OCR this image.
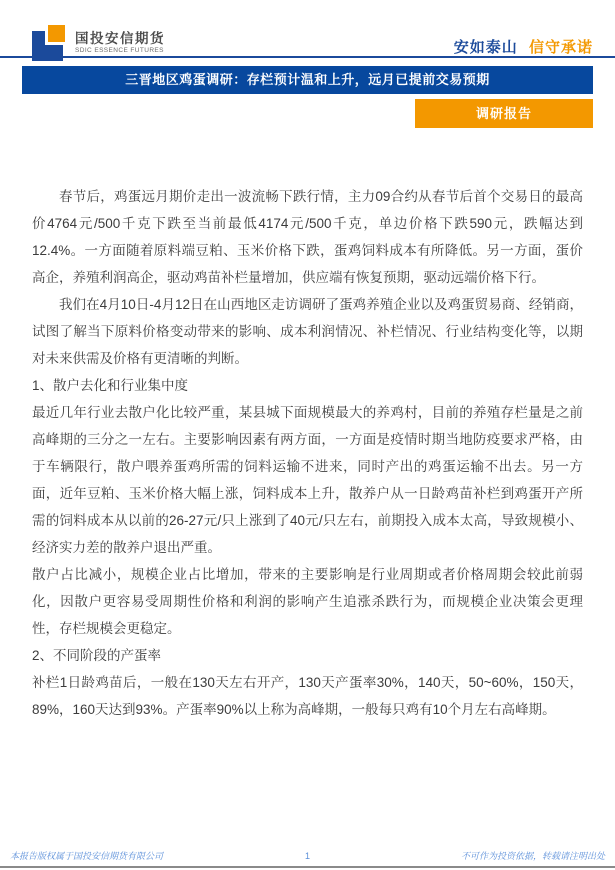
国投安信期货
SDIC ESSENCE FUTURES	安如泰山 信守承诺
三晋地区鸡蛋调研：存栏预计温和上升，远月已提前交易预期
调研报告

春节后，鸡蛋远月期价走出一波流畅下跌行情，主力09合约从春节后首个交易日的最高价4764元/500千克下跌至当前最低4174元/500千克，单边价格下跌590元，跌幅达到12.4%。一方面随着原料端豆粕、玉米价格下跌，蛋鸡饲料成本有所降低。另一方面，蛋价高企，养殖利润高企，驱动鸡苗补栏量增加，供应端有恢复预期，驱动远端价格下行。

我们在4月10日-4月12日在山西地区走访调研了蛋鸡养殖企业以及鸡蛋贸易商、经销商，试图了解当下原料价格变动带来的影响、成本利润情况、补栏情况、行业结构变化等，以期对未来供需及价格有更清晰的判断。

1、散户去化和行业集中度

最近几年行业去散户化比较严重，某县城下面规模最大的养鸡村，目前的养殖存栏量是之前高峰期的三分之一左右。主要影响因素有两方面，一方面是疫情时期当地防疫要求严格，由于车辆限行，散户喂养蛋鸡所需的饲料运输不进来，同时产出的鸡蛋运输不出去。另一方面，近年豆粕、玉米价格大幅上涨，饲料成本上升，散养户从一日龄鸡苗补栏到鸡蛋开产所需的饲料成本从以前的26-27元/只上涨到了40元/只左右，前期投入成本太高，导致规模小、经济实力差的散养户退出严重。

散户占比减小，规模企业占比增加，带来的主要影响是行业周期或者价格周期会较此前弱化，因散户更容易受周期性价格和利润的影响产生追涨杀跌行为，而规模企业决策会更理性，存栏规模会更稳定。

2、不同阶段的产蛋率

补栏1日龄鸡苗后，一般在130天左右开产，130天产蛋率30%，140天，50~60%，150天，89%，160天达到93%。产蛋率90%以上称为高峰期，一般每只鸡有10个月左右高峰期。

本报告版权属于国投安信期货有限公司	1	不可作为投资依据，转载请注明出处
